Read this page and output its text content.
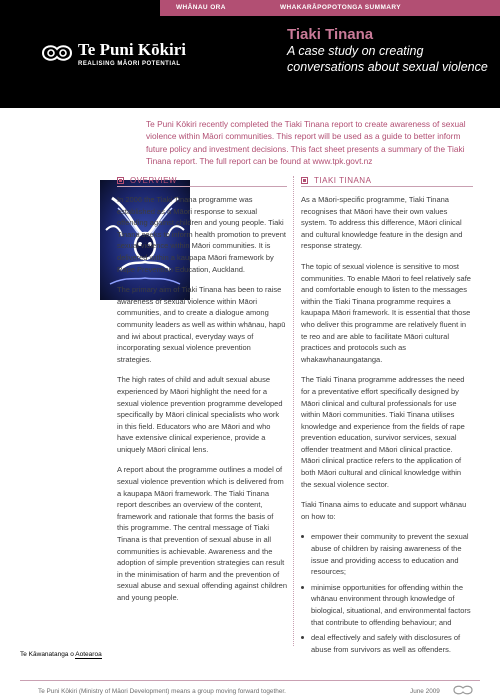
WHĀNAU ORA	WHAKARĀPOPOTONGA SUMMARY
Te Puni Kōkiri
REALISING MĀORI POTENTIAL
Tiaki Tinana
A case study on creating conversations about sexual violence
Te Puni Kōkiri recently completed the Tiaki Tinana report to create awareness of sexual violence within Māori communities. This report will be used as a guide to better inform future policy and investment decisions. This fact sheet presents a summary of the Tiaki Tinana report. The full report can be found at www.tpk.govt.nz
OVERVIEW	TIAKI TINANA

In 2006 the Tiaki Tinana programme was established as a Māori response to sexual offending against children and young people. Tiaki Tinana seeks to inform health promotion to prevent sexual violence within Māori communities. It is delivered within a kaupapa Māori framework by Rape Prevention Education, Auckland.

The primary aim of Tiaki Tinana has been to raise awareness of sexual violence within Māori communities, and to create a dialogue among community leaders as well as within whānau, hapū and iwi about practical, everyday ways of incorporating sexual violence prevention strategies.

The high rates of child and adult sexual abuse experienced by Māori highlight the need for a sexual violence prevention programme developed specifically by Māori clinical specialists who work in this field. Educators who are Māori and who have extensive clinical experience, provide a uniquely Māori clinical lens.

A report about the programme outlines a model of sexual violence prevention which is delivered from a kaupapa Māori framework. The Tiaki Tinana report describes an overview of the content, framework and rationale that forms the basis of this programme. The central message of Tiaki Tinana is that prevention of sexual abuse in all communities is achievable. Awareness and the adoption of simple prevention strategies can result in the minimisation of harm and the prevention of sexual abuse and sexual offending against children and young people.

As a Māori-specific programme, Tiaki Tinana recognises that Māori have their own values system. To address this difference, Māori clinical and cultural knowledge feature in the design and response strategy.

The topic of sexual violence is sensitive to most communities. To enable Māori to feel relatively safe and comfortable enough to listen to the messages within the Tiaki Tinana programme requires a kaupapa Māori framework. It is essential that those who deliver this programme are relatively fluent in te reo and are able to facilitate Māori cultural practices and protocols such as whakawhanaungatanga.

The Tiaki Tinana programme addresses the need for a preventative effort specifically designed by Māori clinical and cultural professionals for use within Māori communities. Tiaki Tinana utilises knowledge and experience from the fields of rape prevention education, survivor services, sexual offender treatment and Māori clinical practice. Māori clinical practice refers to the application of both Māori cultural and clinical knowledge within the sexual violence sector.

Tiaki Tinana aims to educate and support whānau on how to:

empower their community to prevent the sexual abuse of children by raising awareness of the issue and providing access to education and resources;
minimise opportunities for offending within the whānau environment through knowledge of biological, situational, and environmental factors that contribute to offending behaviour; and
deal effectively and safely with disclosures of abuse from survivors as well as offenders.
Te Kāwanatanga o Aotearoa
Te Puni Kōkiri (Ministry of Māori Development) means a group moving forward together.	June 2009
